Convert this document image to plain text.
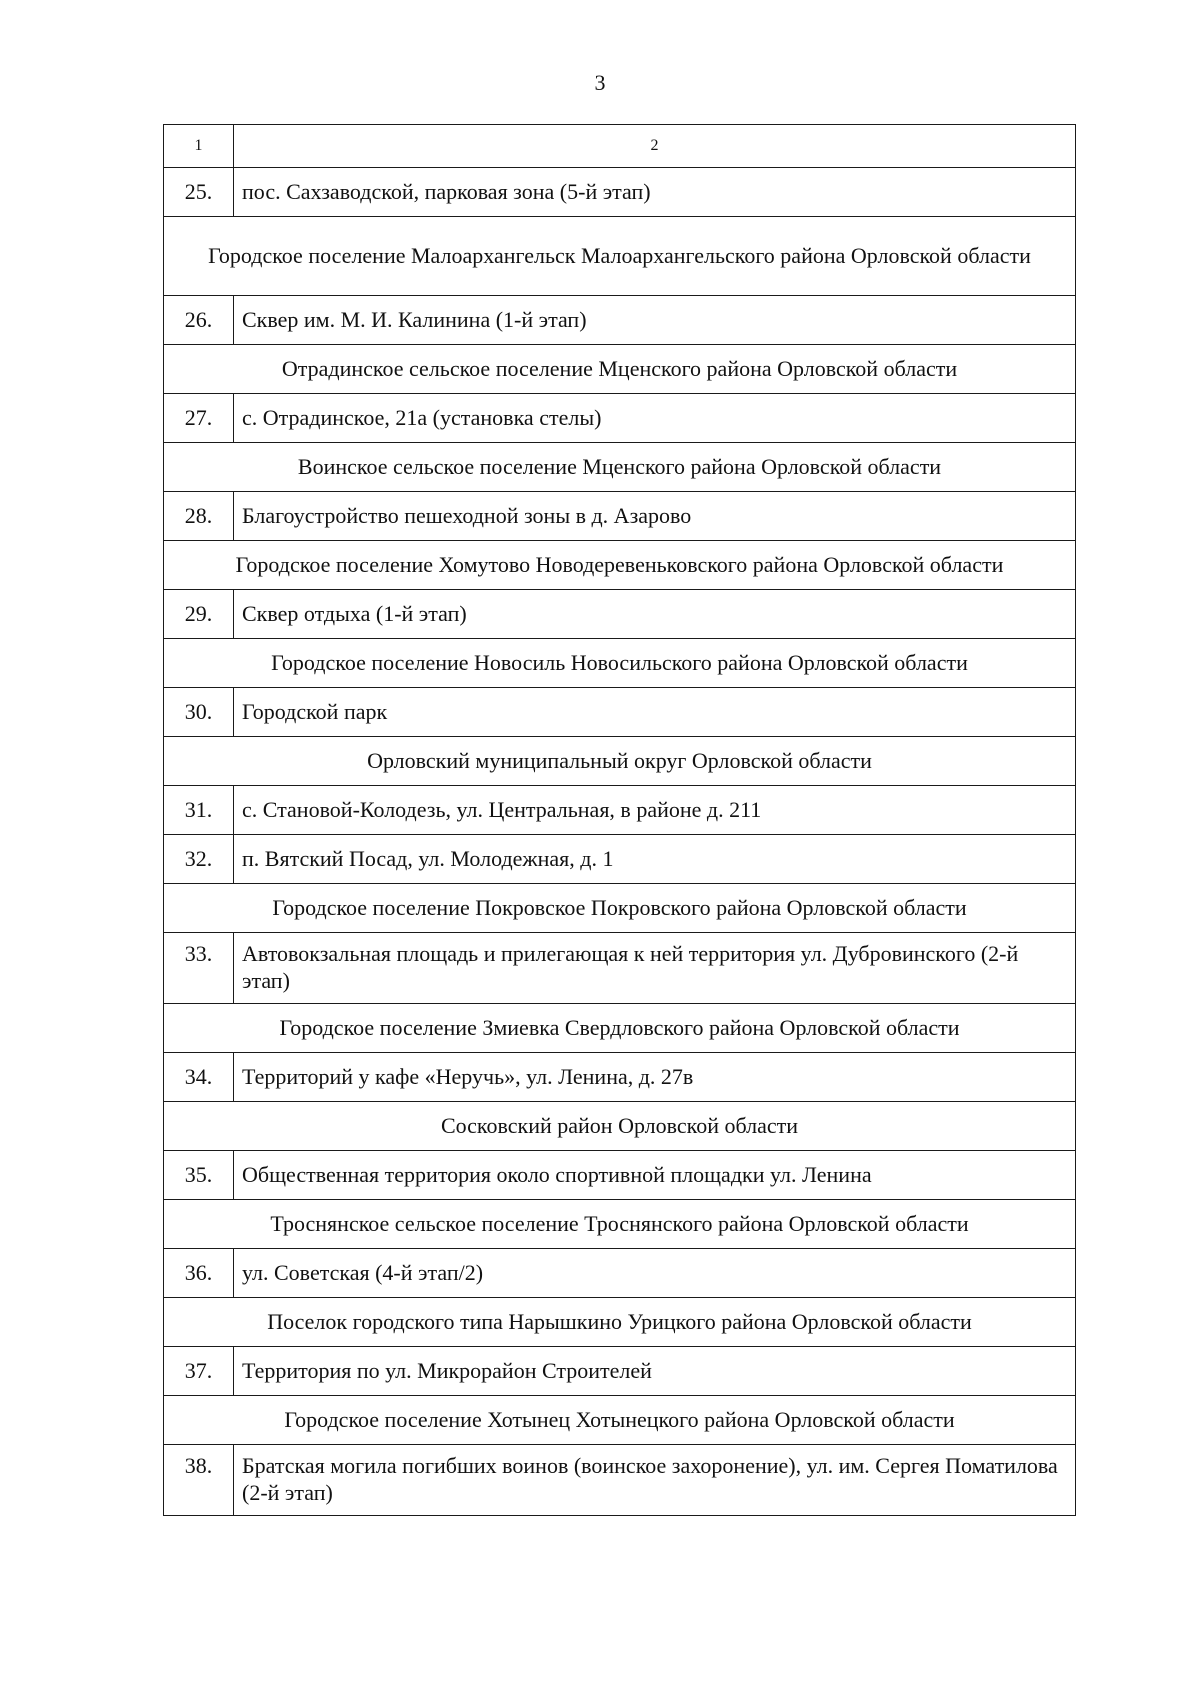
3
1	2
25.	пос. Сахзаводской, парковая зона (5-й этап)
Городское поселение Малоархангельск Малоархангельского района Орловской области	
26.	Сквер им. М. И. Калинина (1-й этап)
Отрадинское сельское поселение Мценского района Орловской области	
27.	с. Отрадинское, 21а (установка стелы)
Воинское сельское поселение Мценского района Орловской области	
28.	Благоустройство пешеходной зоны в д. Азарово
Городское поселение Хомутово Новодеревеньковского района Орловской области	
29.	Сквер отдыха (1-й этап)
Городское поселение Новосиль Новосильского района Орловской области	
30.	Городской парк
Орловский муниципальный округ Орловской области	
31.	с. Становой-Колодезь, ул. Центральная, в районе д. 211
32.	п. Вятский Посад, ул. Молодежная, д. 1
Городское поселение Покровское Покровского района Орловской области	
33.	Автовокзальная площадь и прилегающая к ней территория ул. Дубровинского (2-й этап)
Городское поселение Змиевка Свердловского района Орловской области	
34.	Территорий у кафе «Неручь», ул. Ленина, д. 27в
Сосковский район Орловской области	
35.	Общественная территория около спортивной площадки ул. Ленина
Троснянское сельское поселение Троснянского района Орловской области	
36.	ул. Советская (4-й этап/2)
Поселок городского типа Нарышкино Урицкого района Орловской области	
37.	Территория по ул. Микрорайон Строителей
Городское поселение Хотынец Хотынецкого района Орловской области	
38.	Братская могила погибших воинов (воинское захоронение), ул. им. Сергея Поматилова (2-й этап)
